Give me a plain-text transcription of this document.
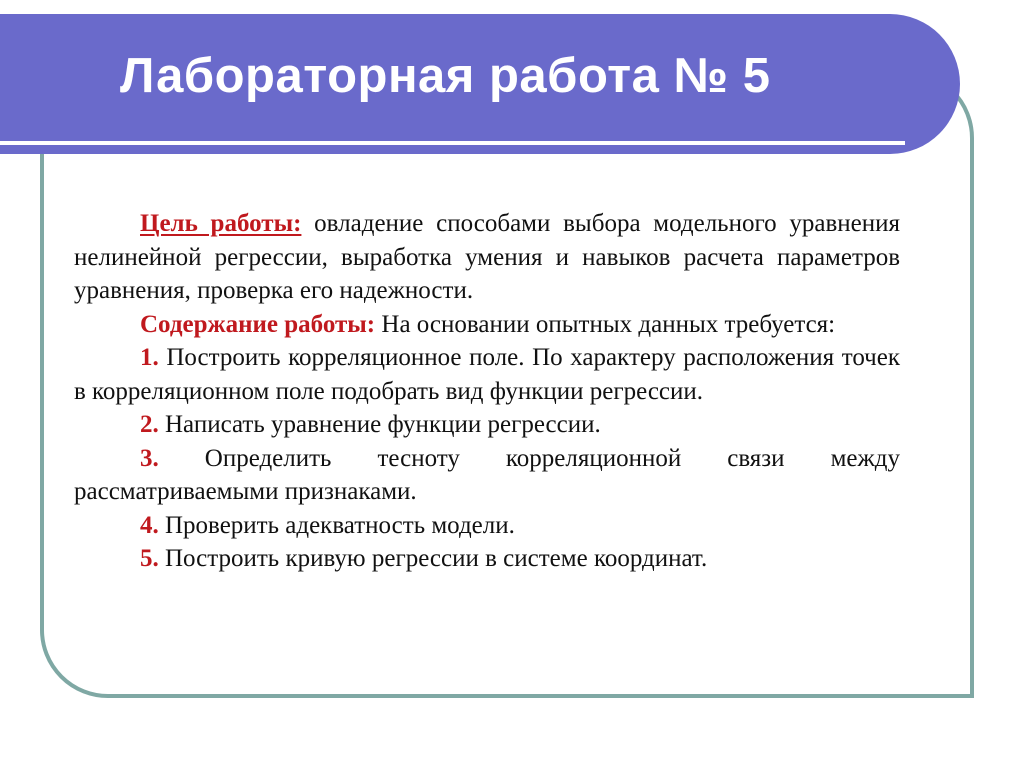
Лабораторная работа № 5

Цель работы: овладение способами выбора модельного уравнения нелинейной регрессии, выработка умения и навыков расчета параметров уравнения, проверка его надежности.

Содержание работы: На основании опытных данных требуется:

1. Построить корреляционное поле. По характеру расположения точек в корреляционном поле подобрать вид функции регрессии.

2. Написать уравнение функции регрессии.

3. Определить тесноту корреляционной связи между рассматриваемыми признаками.

4. Проверить адекватность модели.

5. Построить кривую регрессии в системе координат.
